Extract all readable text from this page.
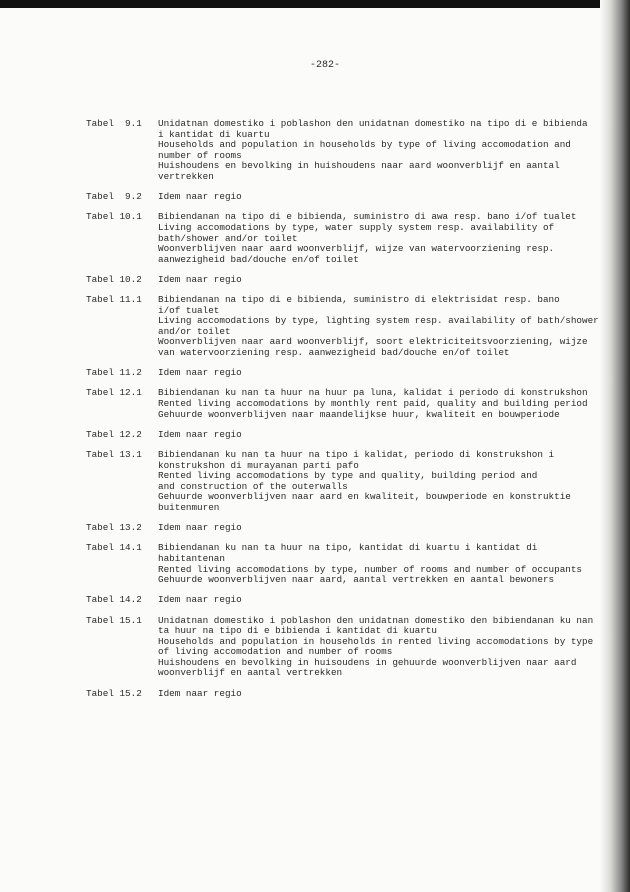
-282-
Tabel  9.1	Unidatnan domestiko i poblashon den unidatnan domestiko na tipo di e bibienda
i kantidat di kuartu
Households and population in households by type of living accomodation and
number of rooms
Huishoudens en bevolking in huishoudens naar aard woonverblijf en aantal
vertrekken
Tabel  9.2	Idem naar regio
Tabel 10.1	Bibiendanan na tipo di e bibienda, suministro di awa resp. bano i/of tualet
Living accomodations by type, water supply system resp. availability of
bath/shower and/or toilet
Woonverblijven naar aard woonverblijf, wijze van watervoorziening resp.
aanwezigheid bad/douche en/of toilet
Tabel 10.2	Idem naar regio
Tabel 11.1	Bibiendanan na tipo di e bibienda, suministro di elektrisidat resp. bano
i/of tualet
Living accomodations by type, lighting system resp. availability of bath/shower
and/or toilet
Woonverblijven naar aard woonverblijf, soort elektriciteitsvoorziening, wijze
van watervoorziening resp. aanwezigheid bad/douche en/of toilet
Tabel 11.2	Idem naar regio
Tabel 12.1	Bibiendanan ku nan ta huur na huur pa luna, kalidat i periodo di konstrukshon
Rented living accomodations by monthly rent paid, quality and building period
Gehuurde woonverblijven naar maandelijkse huur, kwaliteit en bouwperiode
Tabel 12.2	Idem naar regio
Tabel 13.1	Bibiendanan ku nan ta huur na tipo i kalidat, periodo di konstrukshon i
konstrukshon di murayanan parti pafo
Rented living accomodations by type and quality, building period and
and construction of the outerwalls
Gehuurde woonverblijven naar aard en kwaliteit, bouwperiode en konstruktie
buitenmuren
Tabel 13.2	Idem naar regio
Tabel 14.1	Bibiendanan ku nan ta huur na tipo, kantidat di kuartu i kantidat di
habitantenan
Rented living accomodations by type, number of rooms and number of occupants
Gehuurde woonverblijven naar aard, aantal vertrekken en aantal bewoners
Tabel 14.2	Idem naar regio
Tabel 15.1	Unidatnan domestiko i poblashon den unidatnan domestiko den bibiendanan ku nan
ta huur na tipo di e bibienda i kantidat di kuartu
Households and population in households in rented living accomodations by type
of living accomodation and number of rooms
Huishoudens en bevolking in huisoudens in gehuurde woonverblijven naar aard
woonverblijf en aantal vertrekken
Tabel 15.2	Idem naar regio
